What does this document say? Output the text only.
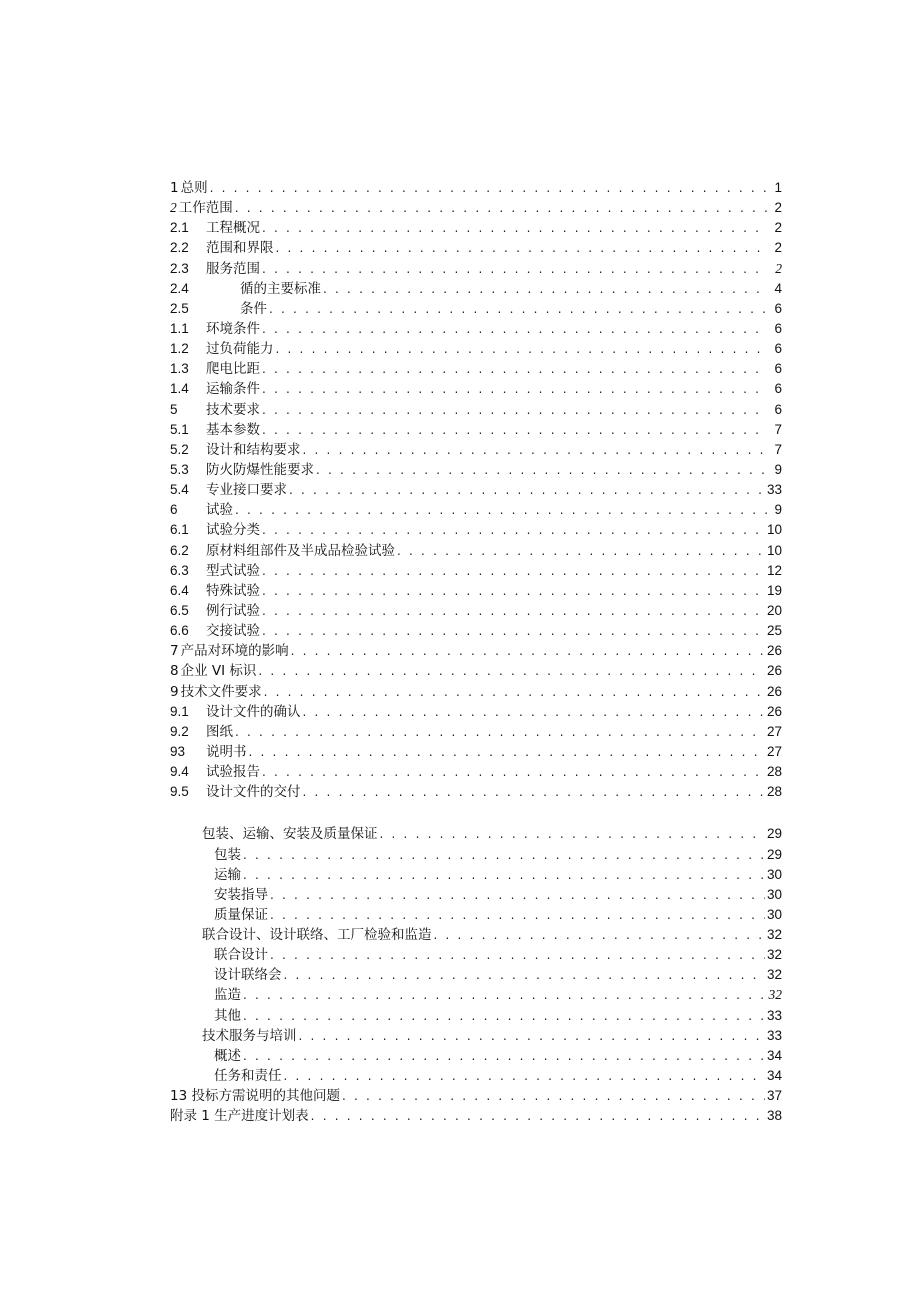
1 总则 . . .	1
2 工作范围 . . .	2
2.1	工程概况 . . .	2
2.2	范围和界限 . . .	2
2.3	服务范围 . . .	2
2.4	循的主要标准 . . .	4
2.5	条件 . . .	6
1.1	环境条件 . . .	6
1.2	过负荷能力 . . .	6
1.3	爬电比距 . . .	6
1.4	运输条件 . . .	6
5	技术要求 . . .	6
5.1	基本参数 . . .	7
5.2	设计和结构要求 . . .	7
5.3	防火防爆性能要求 . . .	9
5.4	专业接口要求 . . .	33
6	试验 . . .	9
6.1	试验分类 . . .	10
6.2	原材料组部件及半成品检验试验 . . .	10
6.3	型式试验 . . .	12
6.4	特殊试验 . . .	19
6.5	例行试验 . . .	20
6.6	交接试验 . . .	25
7 产品对环境的影响 . . .	26
8 企业 VI 标识 . . .	26
9 技术文件要求 . . .	26
9.1	设计文件的确认 . . .	26
9.2	图纸 . . .	27
93	说明书 . . .	27
9.4	试验报告 . . .	28
9.5	设计文件的交付 . . .	28
包装、运输、安装及质量保证 . . .	29
包装 . . .	29
运输 . . .	30
安装指导 . . .	30
质量保证 . . .	30
联合设计、设计联络、工厂检验和监造 . . .	32
联合设计 . . .	32
设计联络会 . . .	32
监造 . . .	32
其他 . . .	33
技术服务与培训 . . .	33
概述 . . .	34
任务和责任 . . .	34
13 投标方需说明的其他问题 . . .	37
附录 1 生产进度计划表 . . .	38
